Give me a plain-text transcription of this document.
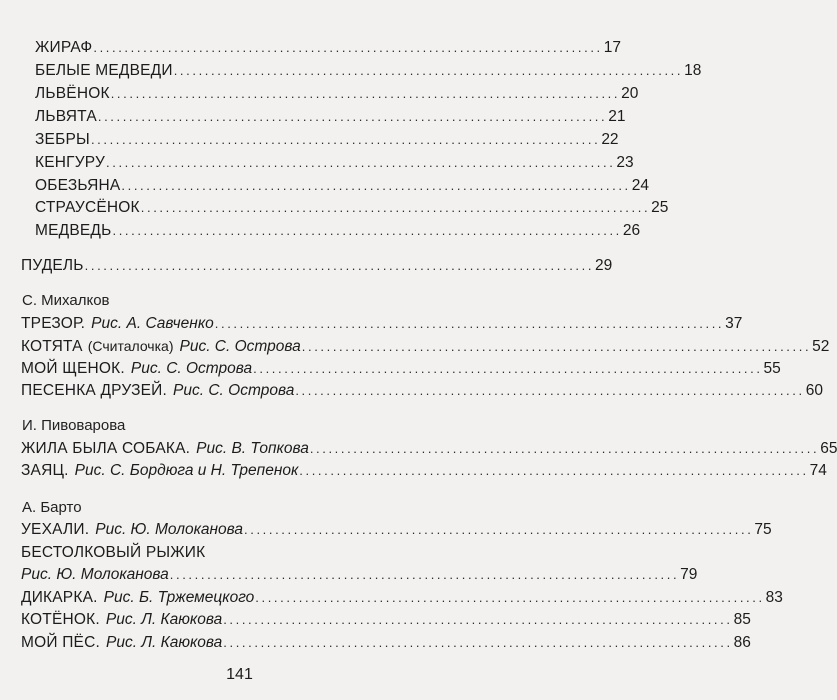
ЖИРАФ .................................................................................. 17
БЕЛЫЕ МЕДВЕДИ .................................................................................. 18
ЛЬВЁНОК .................................................................................. 20
ЛЬВЯТА .................................................................................. 21
ЗЕБРЫ .................................................................................. 22
КЕНГУРУ .................................................................................. 23
ОБЕЗЬЯНА .................................................................................. 24
СТРАУСЁНОК .................................................................................. 25
МЕДВЕДЬ .................................................................................. 26
ПУДЕЛЬ .................................................................................. 29
С. Михалков
ТРЕЗОР. Рис. А. Савченко .................................................................................. 37
КОТЯТА (Считалочка) Рис. С. Острова .................................................................................. 52
МОЙ ЩЕНОК. Рис. С. Острова .................................................................................. 55
ПЕСЕНКА ДРУЗЕЙ. Рис. С. Острова .................................................................................. 60
И. Пивоварова
ЖИЛА БЫЛА СОБАКА. Рис. В. Топкова .................................................................................. 65
ЗАЯЦ. Рис. С. Бордюга и Н. Трепенок .................................................................................. 74
А. Барто
УЕХАЛИ. Рис. Ю. Молоканова .................................................................................. 75
БЕСТОЛКОВЫЙ РЫЖИК
Рис. Ю. Молоканова .................................................................................. 79
ДИКАРКА. Рис. Б. Тржемецкого .................................................................................. 83
КОТЁНОК. Рис. Л. Каюкова .................................................................................. 85
МОЙ ПЁС. Рис. Л. Каюкова .................................................................................. 86
141
